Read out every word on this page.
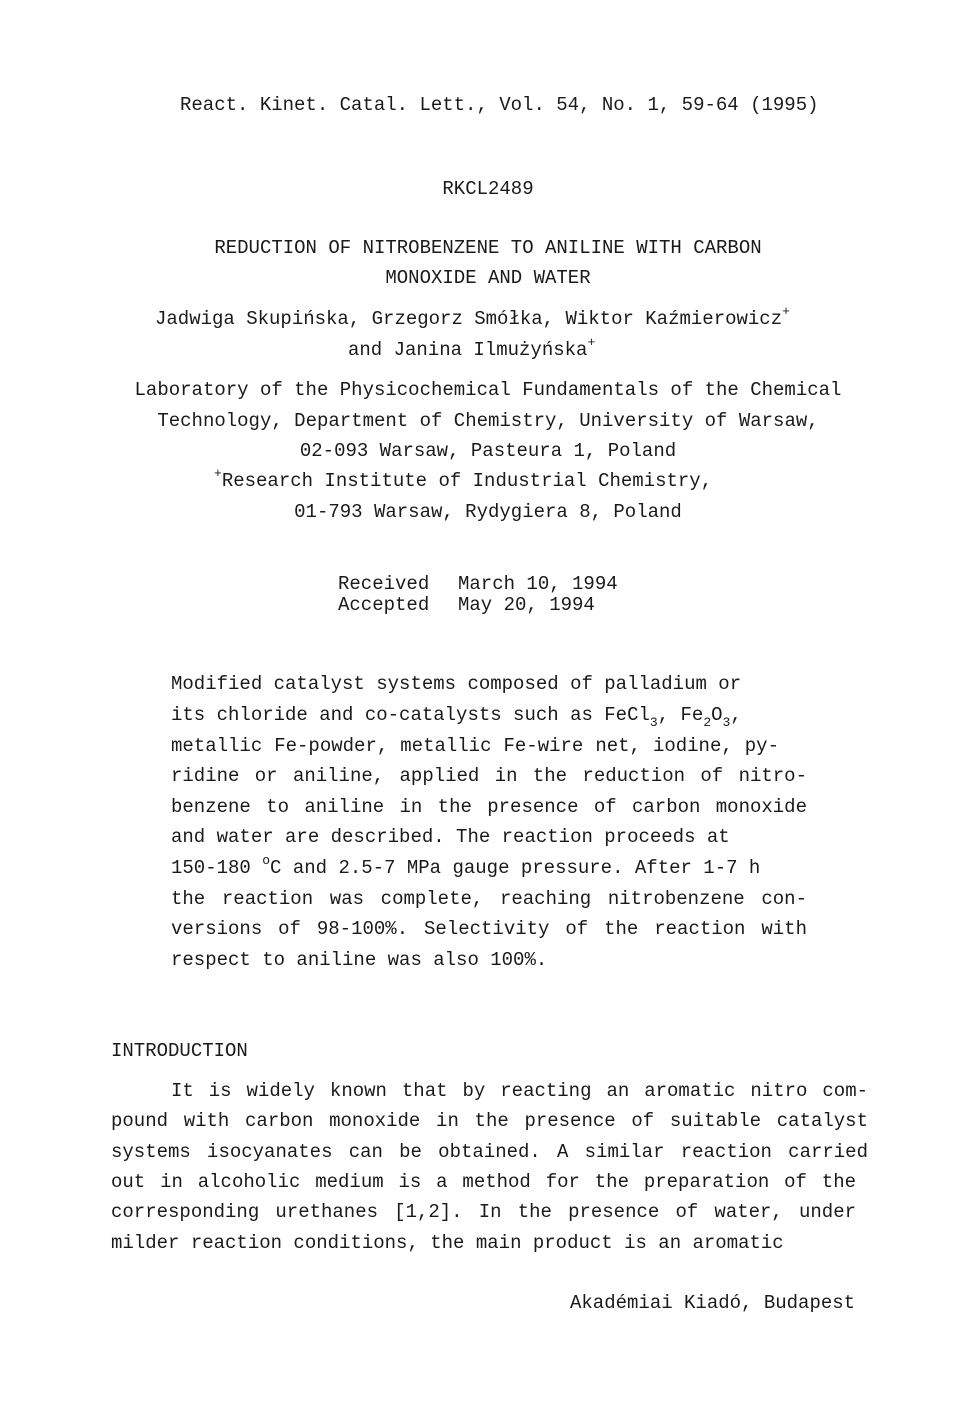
React. Kinet. Catal. Lett., Vol. 54, No. 1, 59-64 (1995)
RKCL2489
REDUCTION OF NITROBENZENE TO ANILINE WITH CARBON
MONOXIDE AND WATER
Jadwiga Skupińska, Grzegorz Smółka, Wiktor Kaźmierowicz+
and Janina Ilmużyńska+
Laboratory of the Physicochemical Fundamentals of the Chemical
Technology, Department of Chemistry, University of Warsaw,
02-093 Warsaw, Pasteura 1, Poland
+Research Institute of Industrial Chemistry,
01-793 Warsaw, Rydygiera 8, Poland
Received March 10, 1994
Accepted May 20, 1994
Modified catalyst systems composed of palladium or
its chloride and co-catalysts such as FeCl$_3$, $Fe_2O_3$,
metallic Fe-powder, metallic Fe-wire net, iodine, py-
ridine or aniline, applied in the reduction of nitro-
benzene to aniline in the presence of carbon monoxide
and water are described. The reaction proceeds at
150-180 $^o$C and 2.5-7 MPa gauge pressure. After 1-7 h
the reaction was complete, reaching nitrobenzene con-
versions of 98-100%. Selectivity of the reaction with
respect to aniline was also 100%.
INTRODUCTION
It is widely known that by reacting an aromatic nitro com-
pound with carbon monoxide in the presence of suitable catalyst
systems isocyanates can be obtained. A similar reaction carried
out in alcoholic medium is a method for the preparation of the
corresponding urethanes [1,2]. In the presence of water, under
milder reaction conditions, the main product is an aromatic
Akadémiai Kiadó, Budapest
